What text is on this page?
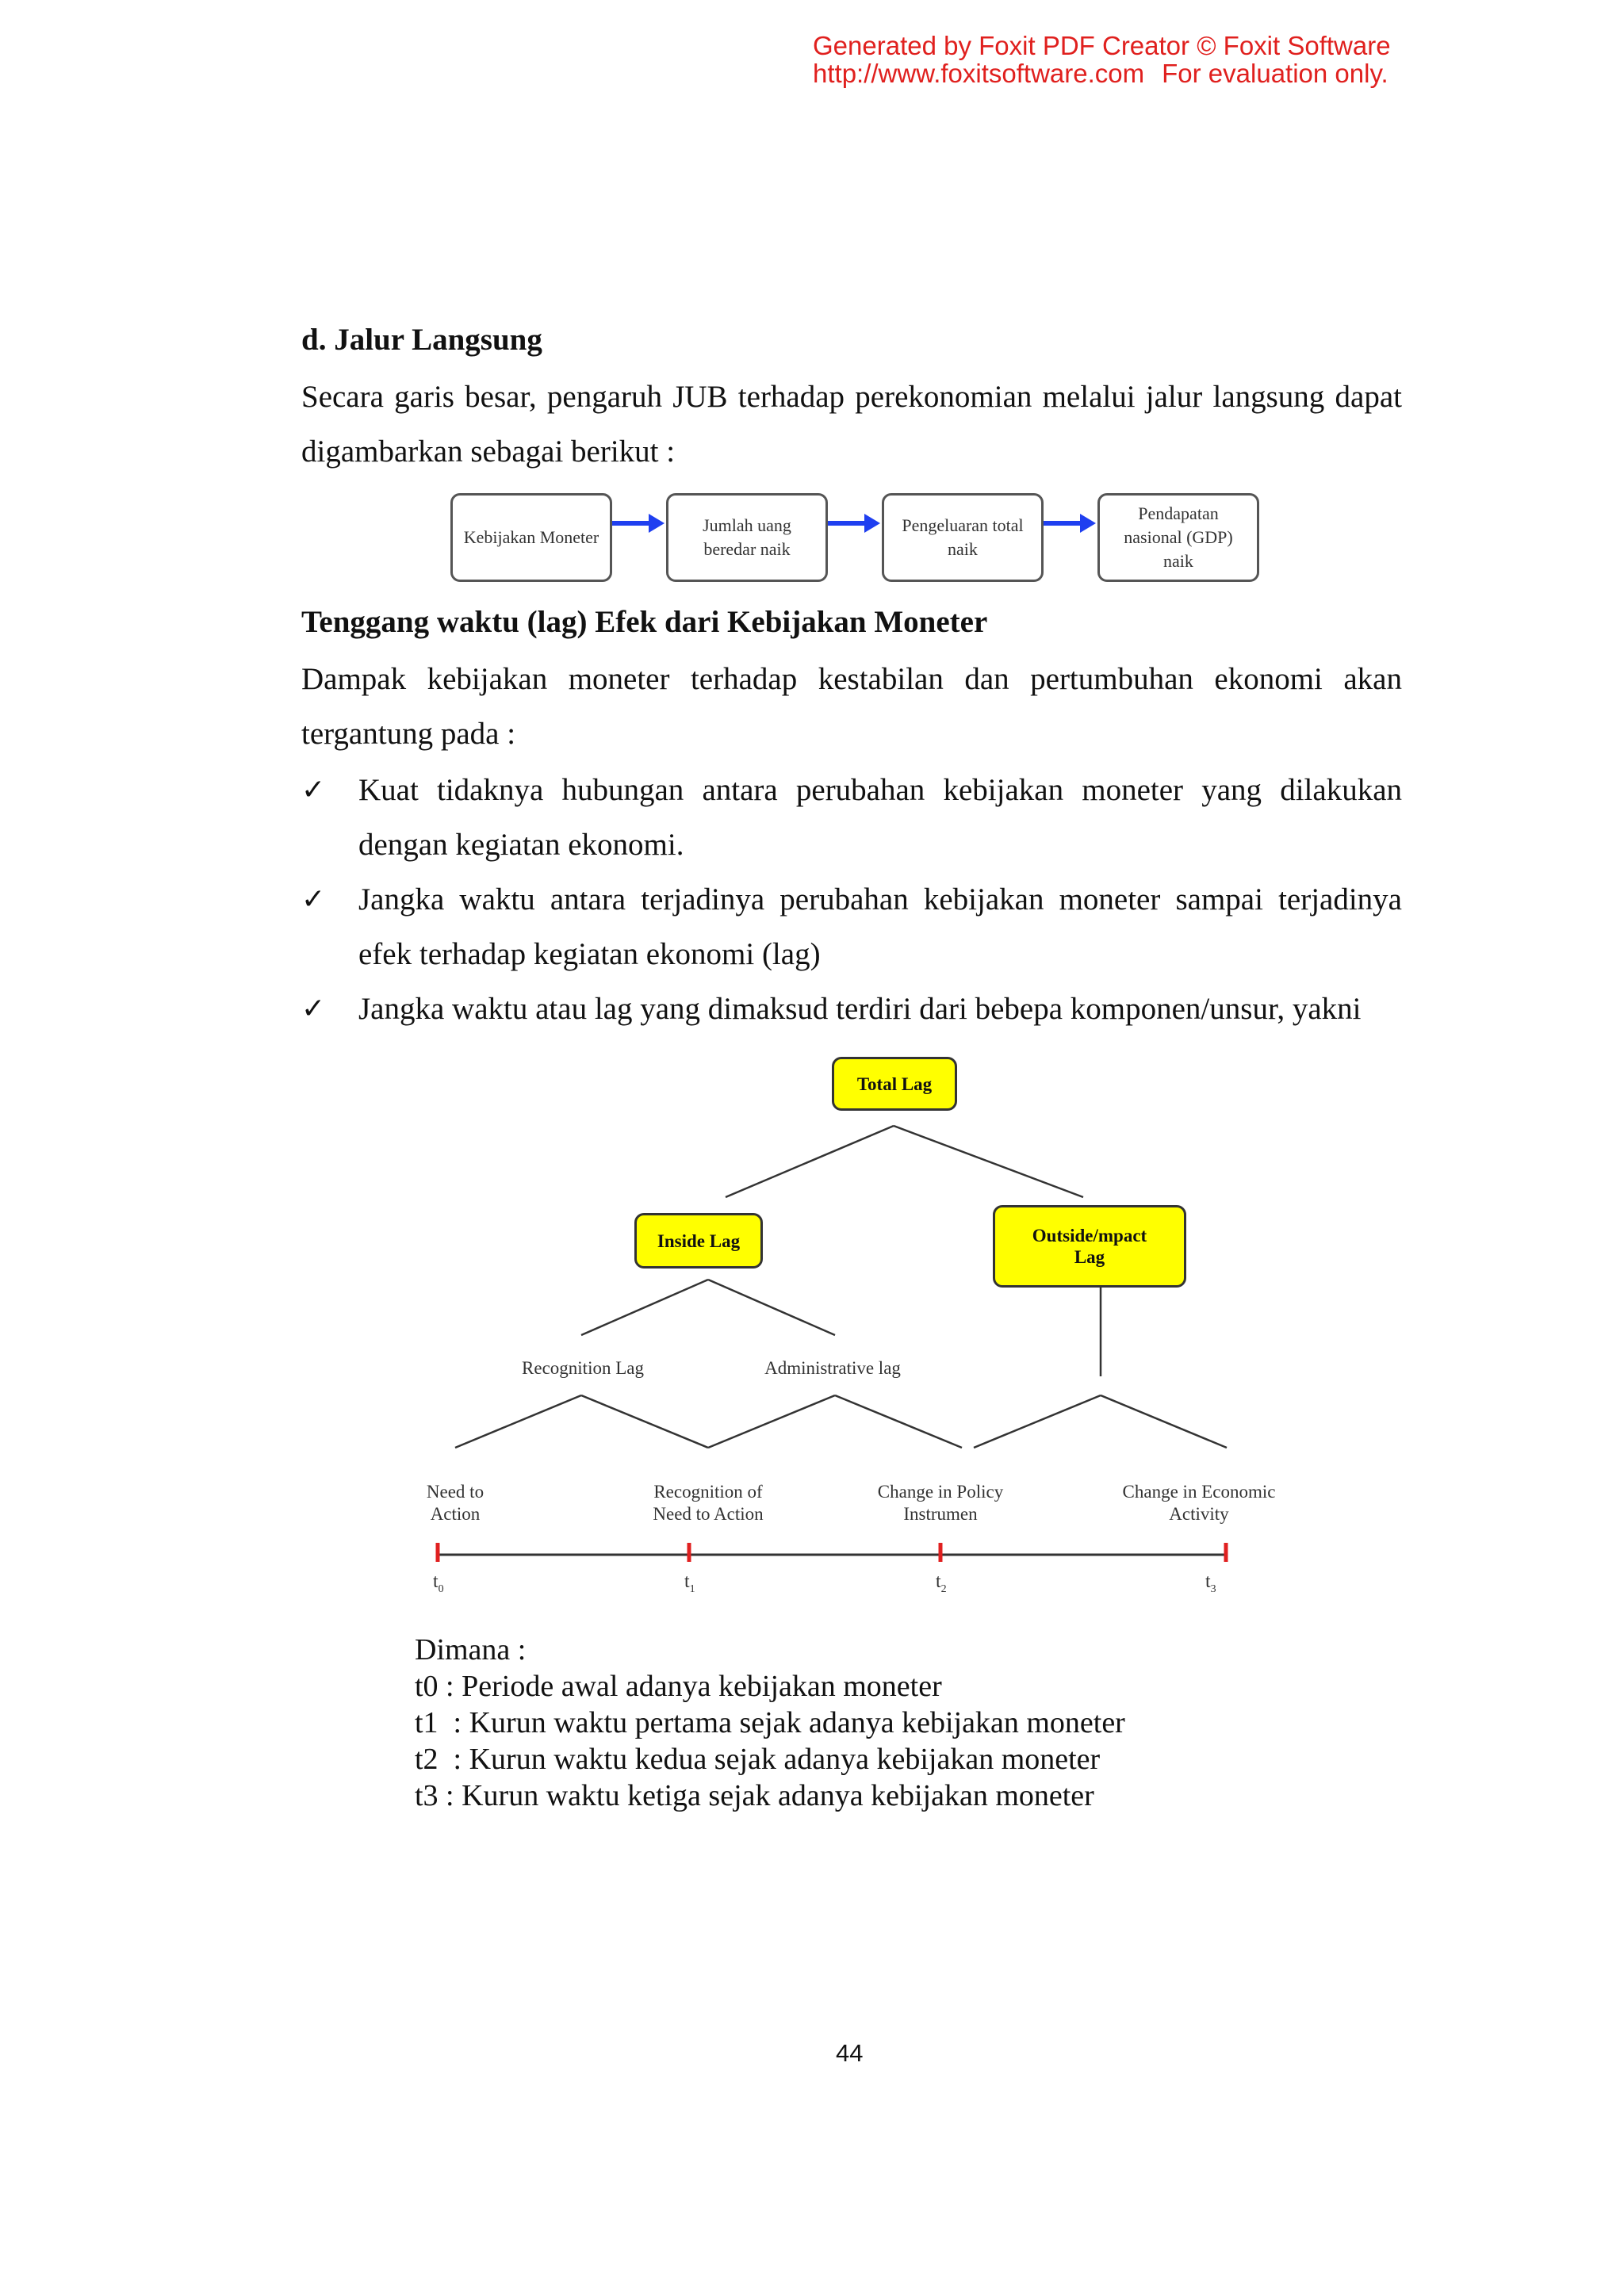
Generated by Foxit PDF Creator © Foxit Software
http://www.foxitsoftware.com For evaluation only.
d. Jalur Langsung

Secara garis besar, pengaruh JUB terhadap perekonomian melalui jalur langsung dapat digambarkan sebagai berikut :

Kebijakan Moneter
Jumlah uang beredar naik
Pengeluaran total naik
Pendapatan nasional (GDP) naik
Tenggang waktu (lag) Efek dari Kebijakan Moneter

Dampak kebijakan moneter terhadap kestabilan dan pertumbuhan ekonomi akan tergantung pada :

✓ Kuat tidaknya hubungan antara perubahan kebijakan moneter yang dilakukan dengan kegiatan ekonomi.
✓ Jangka waktu antara terjadinya perubahan kebijakan moneter sampai terjadinya efek terhadap kegiatan ekonomi (lag)
✓ Jangka waktu atau lag yang dimaksud terdiri dari bebepa komponen/unsur, yakni
Total Lag
Inside Lag	Outside/mpact Lag
Recognition Lag	Administrative lag
Need to Action
Recognition of Need to Action
Change in Policy Instrumen
Change in Economic Activity
$t_0$	$t_1$	$t_2$	$t_3$

Dimana :

t0 : Periode awal adanya kebijakan moneter

t1  : Kurun waktu pertama sejak adanya kebijakan moneter

t2  : Kurun waktu kedua sejak adanya kebijakan moneter

t3 : Kurun waktu ketiga sejak adanya kebijakan moneter

44
